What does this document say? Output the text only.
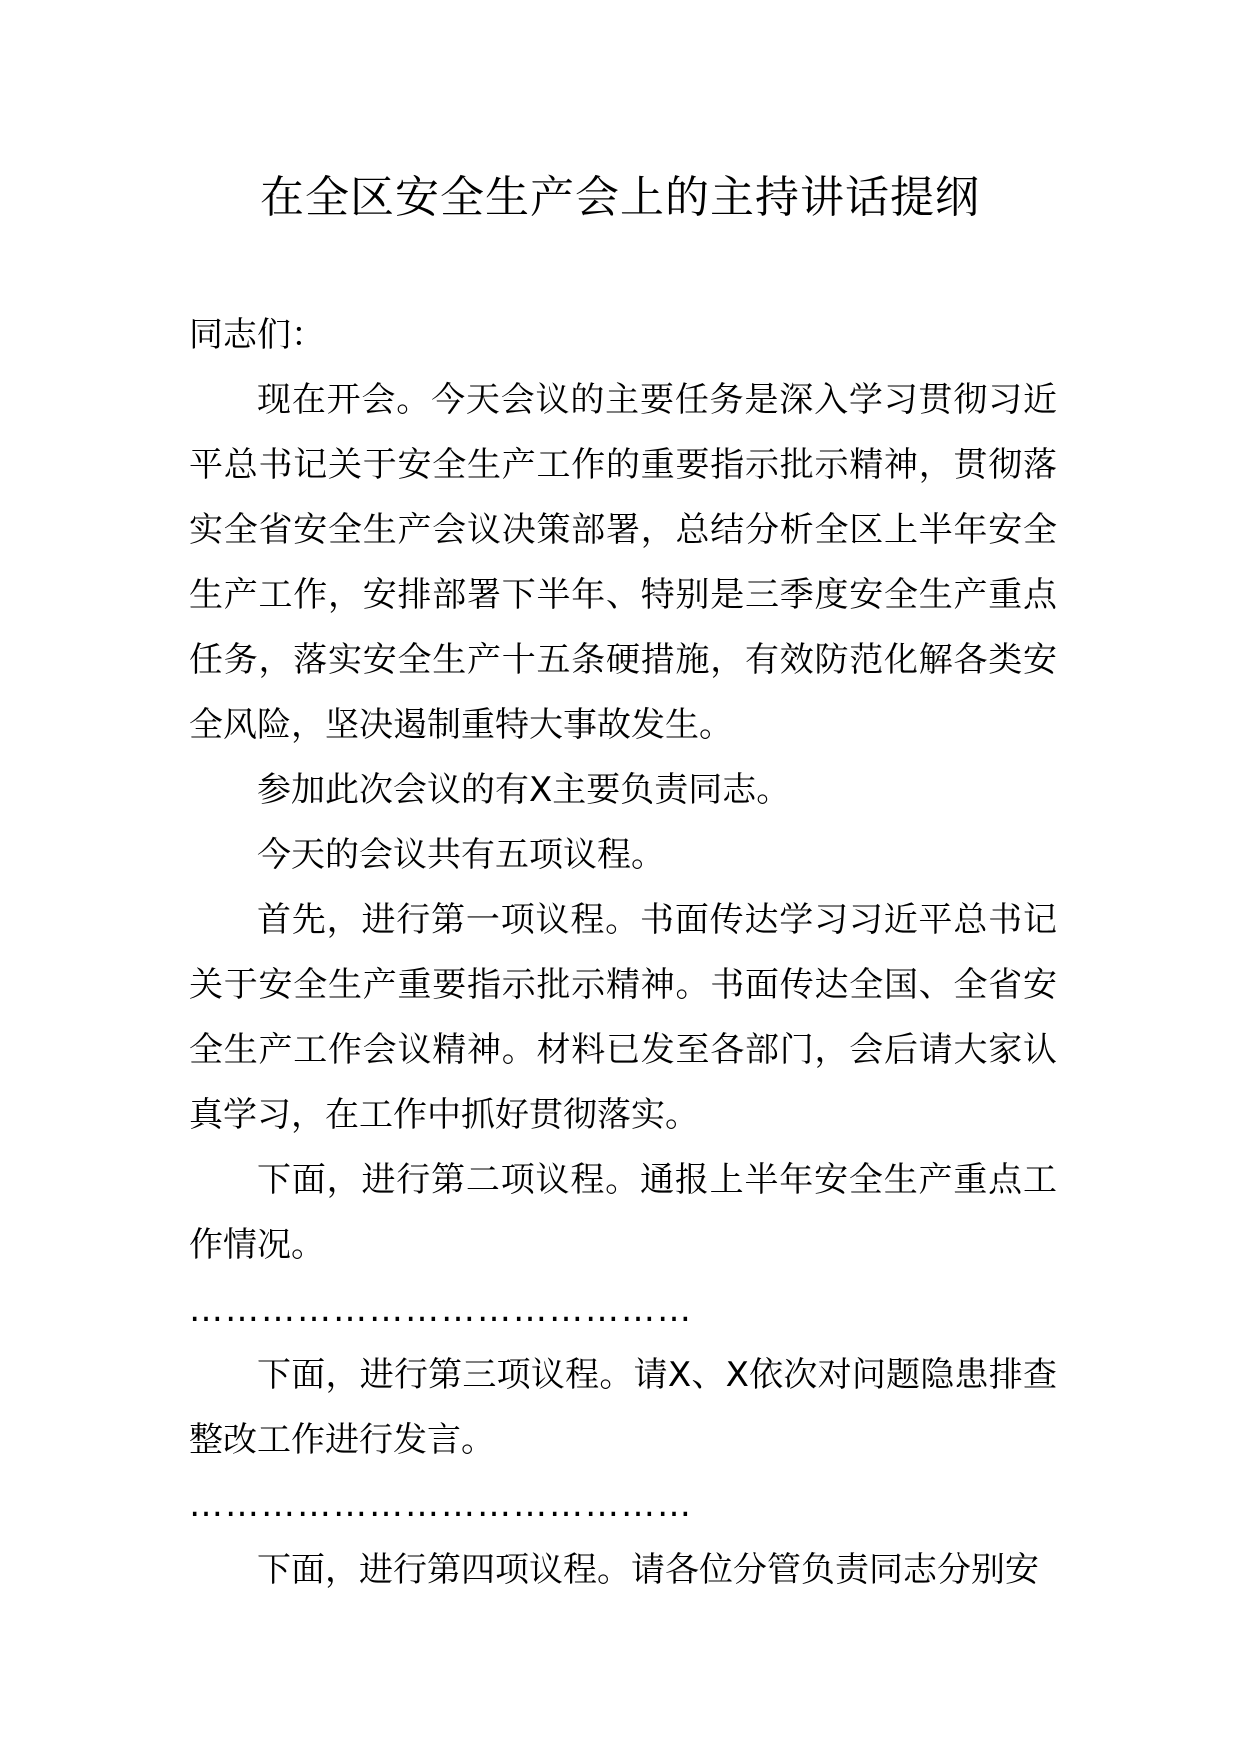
在全区安全生产会上的主持讲话提纲

同志们：

现在开会。今天会议的主要任务是深入学习贯彻习近平总书记关于安全生产工作的重要指示批示精神，贯彻落实全省安全生产会议决策部署，总结分析全区上半年安全生产工作，安排部署下半年、特别是三季度安全生产重点任务，落实安全生产十五条硬措施，有效防范化解各类安全风险，坚决遏制重特大事故发生。

参加此次会议的有X主要负责同志。

今天的会议共有五项议程。

首先，进行第一项议程。书面传达学习习近平总书记关于安全生产重要指示批示精神。书面传达全国、全省安全生产工作会议精神。材料已发至各部门，会后请大家认真学习，在工作中抓好贯彻落实。

下面，进行第二项议程。通报上半年安全生产重点工作情况。

……………………………………

下面，进行第三项议程。请X、X依次对问题隐患排查整改工作进行发言。

……………………………………

下面，进行第四项议程。请各位分管负责同志分别安
